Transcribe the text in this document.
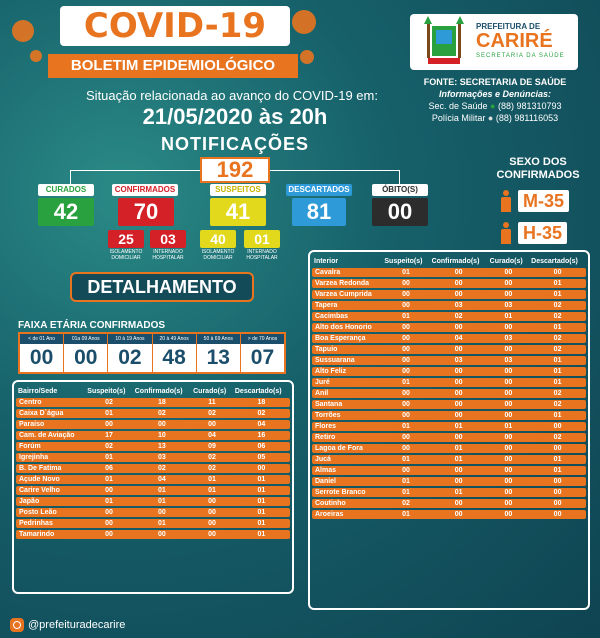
COVID-19
BOLETIM EPIDEMIOLÓGICO
PREFEITURA DE
CARIRÉ
SECRETARIA DA SAÚDE
FONTE: SECRETARIA DE SAÚDE
Informações e Denúncias:
Sec. de Saúde ● (88) 981310793
Polícia Militar ● (88) 981116053
Situação relacionada ao avanço do COVID-19 em:
21/05/2020 às 20h
NOTIFICAÇÕES
192
CURADOS
42
CONFIRMADOS
70
SUSPEITOS
41
DESCARTADOS
81
ÓBITO(S)
00
25
ISOLAMENTO DOMICILIAR
03
INTERNADO HOSPITALAR
40
ISOLAMENTO DOMICILIAR
01
INTERNADO HOSPITALAR
SEXO DOS
CONFIRMADOS
M-35
H-35
DETALHAMENTO
FAIXA ETÁRIA CONFIRMADOS
< de 01 Ano
00
01a 09 Anos
00
10 à 19 Anos
02
20 à 49 Anos
48
50 à 69 Anos
13
> de 70 Anos
07
Bairro/Sede	Suspeito(s)	Confirmado(s)	Curado(s)	Descartado(s)
Centro	02	18	11	18
Caixa D`água	01	02	02	02
Paraíso	00	00	00	04
Cam. de Aviação	17	10	04	16
Forúm	02	13	09	06
Igrejinha	01	03	02	05
B. De Fatima	06	02	02	00
Açude Novo	01	04	01	01
Carire Velho	00	01	01	01
Japão	01	01	00	01
Posto Leão	00	00	00	01
Pedrinhas	00	01	00	01
Tamarindo	00	00	00	01
Interior	Suspeito(s)	Confirmado(s)	Curado(s)	Descartado(s)
Cavalra	01	00	00	00
Varzea Redonda	00	00	00	01
Varzea Cumprida	00	00	00	01
Tapera	00	03	03	02
Cacimbas	01	02	01	02
Alto dos Honorio	00	00	00	01
Boa Esperança	00	04	03	02
Tapuio	00	00	00	02
Sussuarana	00	03	03	01
Alto Feliz	00	00	00	01
Juré	01	00	00	01
Anil	00	00	00	02
Santana	00	00	00	02
Torrões	00	00	00	01
Flores	01	01	01	00
Retiro	00	00	00	02
Lagoa de Fora	00	01	00	00
Jucá	01	01	00	01
Almas	00	00	00	01
Daniel	01	00	00	00
Serrote Branco	01	01	00	00
Coutinho	02	00	00	00
Aroeiras	01	00	00	00
@prefeituradecarire
